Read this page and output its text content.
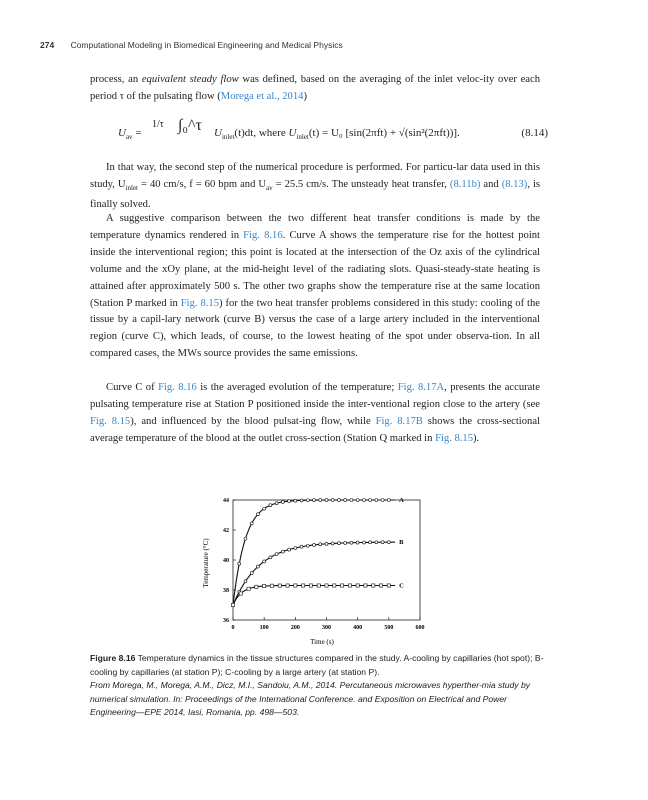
274 Computational Modeling in Biomedical Engineering and Medical Physics

process, an equivalent steady flow was defined, based on the averaging of the inlet veloc-ity over each period τ of the pulsating flow (Morega et al., 2014)

$U_{av}$ =
1/τ ∫₀^τ $U_{inlet}(t)dt$, where $U_{inlet}(t) = U_0$ [sin(2πft) + √(sin²(2πft))].	(8.14)

In that way, the second step of the numerical procedure is performed. For particu-lar data used in this study, $U_{inlet} = 40$ cm/s, f = 60 bpm and $U_{av} = 25.5$ cm/s. The unsteady heat transfer, (8.11b) and (8.13), is finally solved.

A suggestive comparison between the two different heat transfer conditions is made by the temperature dynamics rendered in Fig. 8.16. Curve A shows the temperature rise for the hottest point inside the interventional region; this point is located at the intersection of the Oz axis of the cylindrical volume and the xOy plane, at the mid-height level of the radiating slots. Quasi-steady-state heating is attained after approximately 500 s. The other two graphs show the temperature rise at the same location (Station P marked in Fig. 8.15) for the two heat transfer problems considered in this study: cooling of the tissue by a capil-lary network (curve B) versus the case of a large artery included in the interventional region (curve C), which leads, of course, to the lowest heating of the spot under observa-tion. In all compared cases, the MWs source provides the same emissions.

Curve C of Fig. 8.16 is the averaged evolution of the temperature; Fig. 8.17A, presents the accurate pulsating temperature rise at Station P positioned inside the inter-ventional region close to the artery (see Fig. 8.15), and influenced by the blood pulsat-ing flow, while Fig. 8.17B shows the cross-sectional average temperature of the blood at the outlet cross-section (Station Q marked in Fig. 8.15).

0	100	200	300	400	500	600
36
38
40
42
44	A
B
C
Time (s)
Temperature (°C)
Figure 8.16 Temperature dynamics in the tissue structures compared in the study. A-cooling by capillaries (hot spot); B-cooling by capillaries (at station P); C-cooling by a large artery (at station P).
From Morega, M., Morega, A.M., Dicz, M.I., Sandoiu, A.M., 2014. Percutaneous microwaves hyperther-mia study by numerical simulation. In: Proceedings of the International Conference. and Exposition on Electrical and Power Engineering—EPE 2014, Iasi, Romania, pp. 498—503.
